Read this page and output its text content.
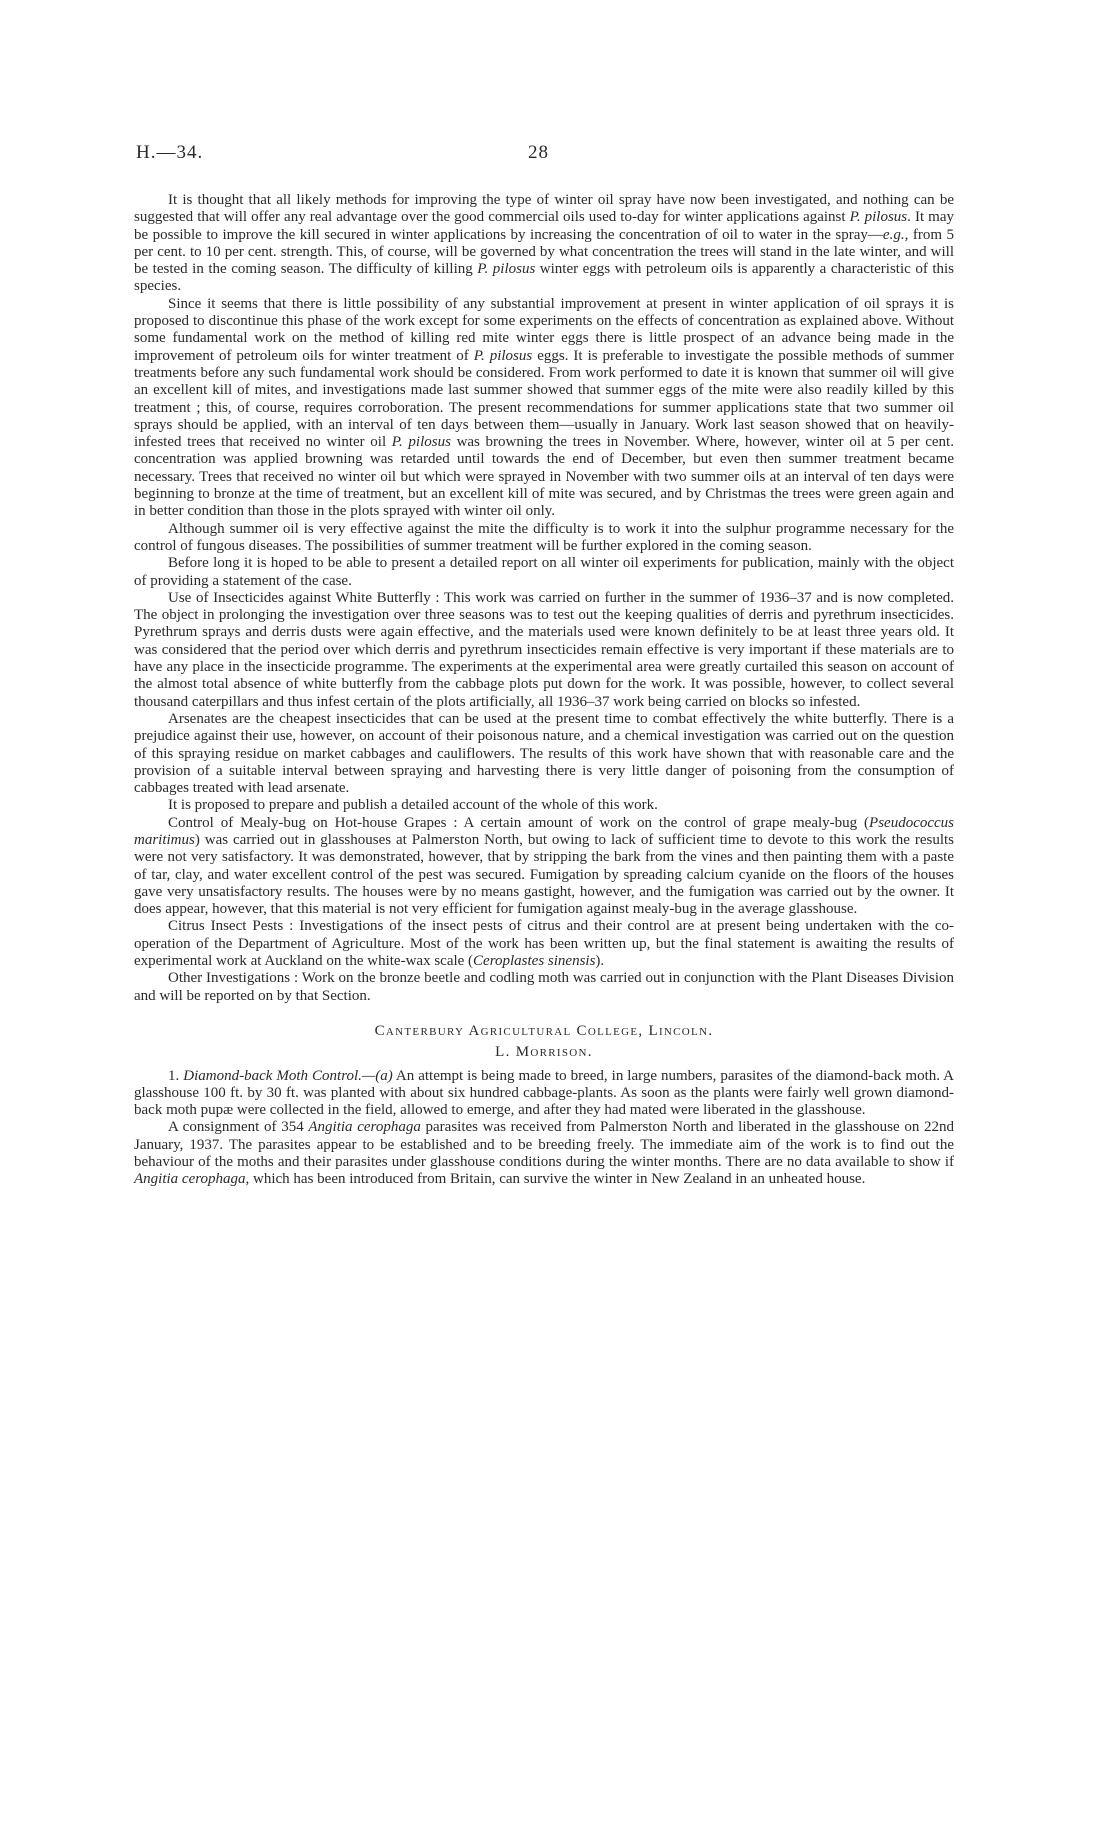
H.—34.	28

It is thought that all likely methods for improving the type of winter oil spray have now been investigated, and nothing can be suggested that will offer any real advantage over the good commercial oils used to-day for winter applications against P. pilosus. It may be possible to improve the kill secured in winter applications by increasing the concentration of oil to water in the spray—e.g., from 5 per cent. to 10 per cent. strength. This, of course, will be governed by what concentration the trees will stand in the late winter, and will be tested in the coming season. The difficulty of killing P. pilosus winter eggs with petroleum oils is apparently a characteristic of this species.

Since it seems that there is little possibility of any substantial improvement at present in winter application of oil sprays it is proposed to discontinue this phase of the work except for some experiments on the effects of concentration as explained above. Without some fundamental work on the method of killing red mite winter eggs there is little prospect of an advance being made in the improvement of petroleum oils for winter treatment of P. pilosus eggs. It is preferable to investigate the possible methods of summer treatments before any such fundamental work should be considered. From work performed to date it is known that summer oil will give an excellent kill of mites, and investigations made last summer showed that summer eggs of the mite were also readily killed by this treatment ; this, of course, requires corroboration. The present recommendations for summer applications state that two summer oil sprays should be applied, with an interval of ten days between them—usually in January. Work last season showed that on heavily-infested trees that received no winter oil P. pilosus was browning the trees in November. Where, however, winter oil at 5 per cent. concentration was applied browning was retarded until towards the end of December, but even then summer treatment became necessary. Trees that received no winter oil but which were sprayed in November with two summer oils at an interval of ten days were beginning to bronze at the time of treatment, but an excellent kill of mite was secured, and by Christmas the trees were green again and in better condition than those in the plots sprayed with winter oil only.

Although summer oil is very effective against the mite the difficulty is to work it into the sulphur programme necessary for the control of fungous diseases. The possibilities of summer treatment will be further explored in the coming season.

Before long it is hoped to be able to present a detailed report on all winter oil experiments for publication, mainly with the object of providing a statement of the case.

Use of Insecticides against White Butterfly : This work was carried on further in the summer of 1936–37 and is now completed. The object in prolonging the investigation over three seasons was to test out the keeping qualities of derris and pyrethrum insecticides. Pyrethrum sprays and derris dusts were again effective, and the materials used were known definitely to be at least three years old. It was considered that the period over which derris and pyrethrum insecticides remain effective is very important if these materials are to have any place in the insecticide programme. The experiments at the experimental area were greatly curtailed this season on account of the almost total absence of white butterfly from the cabbage plots put down for the work. It was possible, however, to collect several thousand caterpillars and thus infest certain of the plots artificially, all 1936–37 work being carried on blocks so infested.

Arsenates are the cheapest insecticides that can be used at the present time to combat effectively the white butterfly. There is a prejudice against their use, however, on account of their poisonous nature, and a chemical investigation was carried out on the question of this spraying residue on market cabbages and cauliflowers. The results of this work have shown that with reasonable care and the provision of a suitable interval between spraying and harvesting there is very little danger of poisoning from the consumption of cabbages treated with lead arsenate.

It is proposed to prepare and publish a detailed account of the whole of this work.

Control of Mealy-bug on Hot-house Grapes : A certain amount of work on the control of grape mealy-bug (Pseudococcus maritimus) was carried out in glasshouses at Palmerston North, but owing to lack of sufficient time to devote to this work the results were not very satisfactory. It was demonstrated, however, that by stripping the bark from the vines and then painting them with a paste of tar, clay, and water excellent control of the pest was secured. Fumigation by spreading calcium cyanide on the floors of the houses gave very unsatisfactory results. The houses were by no means gastight, however, and the fumigation was carried out by the owner. It does appear, however, that this material is not very efficient for fumigation against mealy-bug in the average glasshouse.

Citrus Insect Pests : Investigations of the insect pests of citrus and their control are at present being undertaken with the co-operation of the Department of Agriculture. Most of the work has been written up, but the final statement is awaiting the results of experimental work at Auckland on the white-wax scale (Ceroplastes sinensis).

Other Investigations : Work on the bronze beetle and codling moth was carried out in conjunction with the Plant Diseases Division and will be reported on by that Section.

Canterbury Agricultural College, Lincoln.

L. Morrison.

1. Diamond-back Moth Control.—(a) An attempt is being made to breed, in large numbers, parasites of the diamond-back moth. A glasshouse 100 ft. by 30 ft. was planted with about six hundred cabbage-plants. As soon as the plants were fairly well grown diamond-back moth pupæ were collected in the field, allowed to emerge, and after they had mated were liberated in the glasshouse.

A consignment of 354 Angitia cerophaga parasites was received from Palmerston North and liberated in the glasshouse on 22nd January, 1937. The parasites appear to be established and to be breeding freely. The immediate aim of the work is to find out the behaviour of the moths and their parasites under glasshouse conditions during the winter months. There are no data available to show if Angitia cerophaga, which has been introduced from Britain, can survive the winter in New Zealand in an unheated house.
